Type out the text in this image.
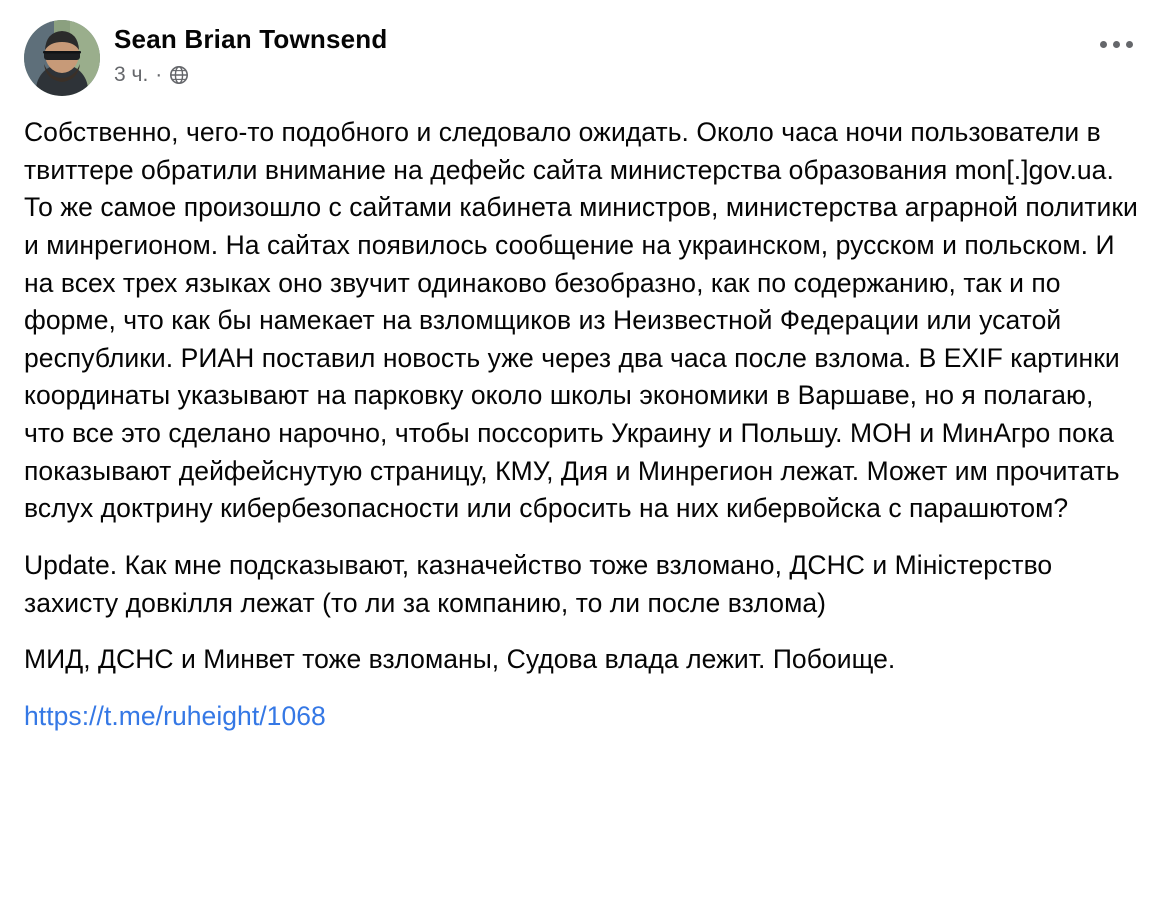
Sean Brian Townsend
3 ч. ·

Собственно, чего-то подобного и следовало ожидать. Около часа ночи пользователи в твиттере обратили внимание на дефейс сайта министерства образования mon[.]gov.ua. То же самое произошло с сайтами кабинета министров, министерства аграрной политики и минрегионом. На сайтах появилось сообщение на украинском, русском и польском. И на всех трех языках оно звучит одинаково безобразно, как по содержанию, так и по форме, что как бы намекает на взломщиков из Неизвестной Федерации или усатой республики. РИАН поставил новость уже через два часа после взлома. В EXIF картинки координаты указывают на парковку около школы экономики в Варшаве, но я полагаю, что все это сделано нарочно, чтобы поссорить Украину и Польшу. МОН и МинАгро пока показывают дейфейснутую страницу, КМУ, Дия и Минрегион лежат. Может им прочитать вслух доктрину кибербезопасности или сбросить на них кибервойска с парашютом?

Update. Как мне подсказывают, казначейство тоже взломано, ДСНС и Міністерство захисту довкілля лежат (то ли за компанию, то ли после взлома)

МИД, ДСНС и Минвет тоже взломаны, Судова влада лежит. Побоище.

https://t.me/ruheight/1068
